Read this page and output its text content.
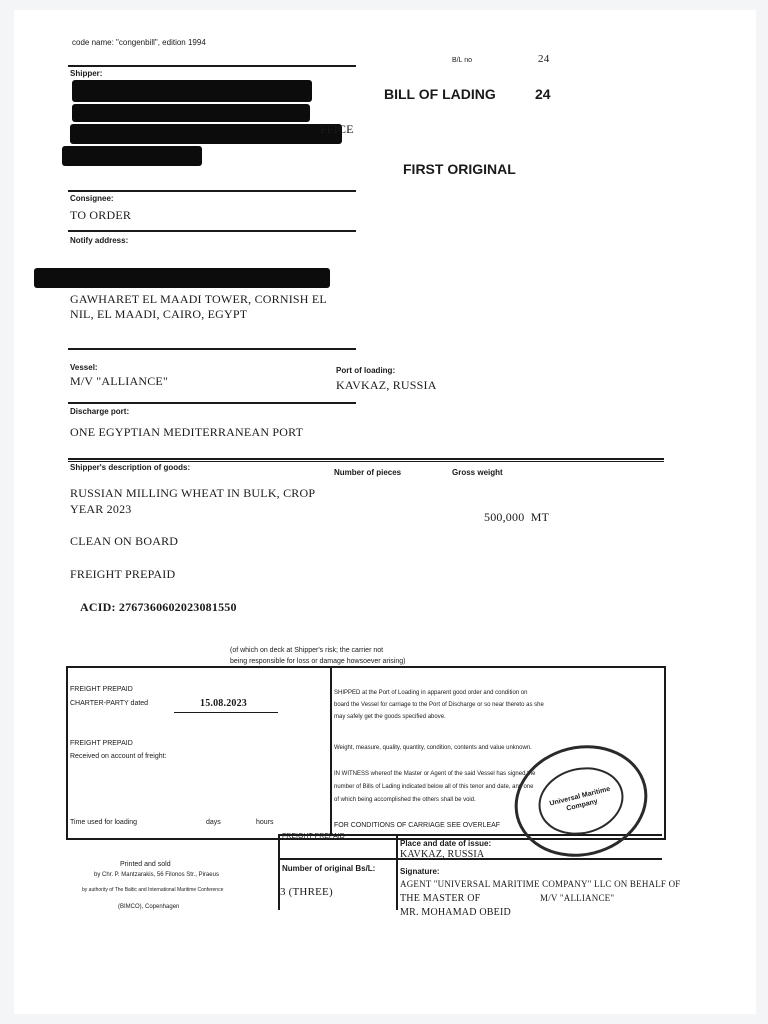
code name: "congenbill", edition 1994
B/L no	24
BILL OF LADING	24
FIRST ORIGINAL
Shipper:
FFICE
Consignee:
TO ORDER
Notify address:
GAWHARET EL MAADI TOWER, CORNISH EL
NIL, EL MAADI, CAIRO, EGYPT
Vessel:
M/V "ALLIANCE"
Port of loading:
KAVKAZ, RUSSIA
Discharge port:
ONE EGYPTIAN MEDITERRANEAN PORT
Shipper's description of goods:
Number of pieces	Gross weight
RUSSIAN MILLING WHEAT IN BULK, CROP
YEAR 2023
500,000  MT
CLEAN ON BOARD
FREIGHT PREPAID
ACID: 2767360602023081550
(of which on deck at Shipper's risk; the carrier not
being responsible for loss or damage howsoever arising)
FREIGHT PREPAID
CHARTER-PARTY dated	15.08.2023
FREIGHT PREPAID
Received on account of freight:
Time used for loading	days	hours
SHIPPED at the Port of Loading in apparent good order and condition on
board the Vessel for carriage to the Port of Discharge or so near thereto as she
may safely get the goods specified above.
Weight, measure, quality, quantity, condition, contents and value unknown.
IN WITNESS whereof the Master or Agent of the said Vessel has signed the
number of Bills of Lading indicated below all of this tenor and date, any one
of which being accomplished the others shall be void.
FOR CONDITIONS OF CARRIAGE SEE OVERLEAF
FREIGHT PREPAID
Place and date of issue:
KAVKAZ, RUSSIA
Number of original Bs/L:
3 (THREE)
Signature:
AGENT "UNIVERSAL MARITIME COMPANY" LLC ON BEHALF OF
THE MASTER OF	M/V "ALLIANCE"
MR. MOHAMAD OBEID
Printed and sold
by Chr. P. Mantzarakis, 56 Filonos Str., Piraeus
by authority of The Baltic and International Maritime Conference
(BIMCO), Copenhagen
Universal Maritime Company
